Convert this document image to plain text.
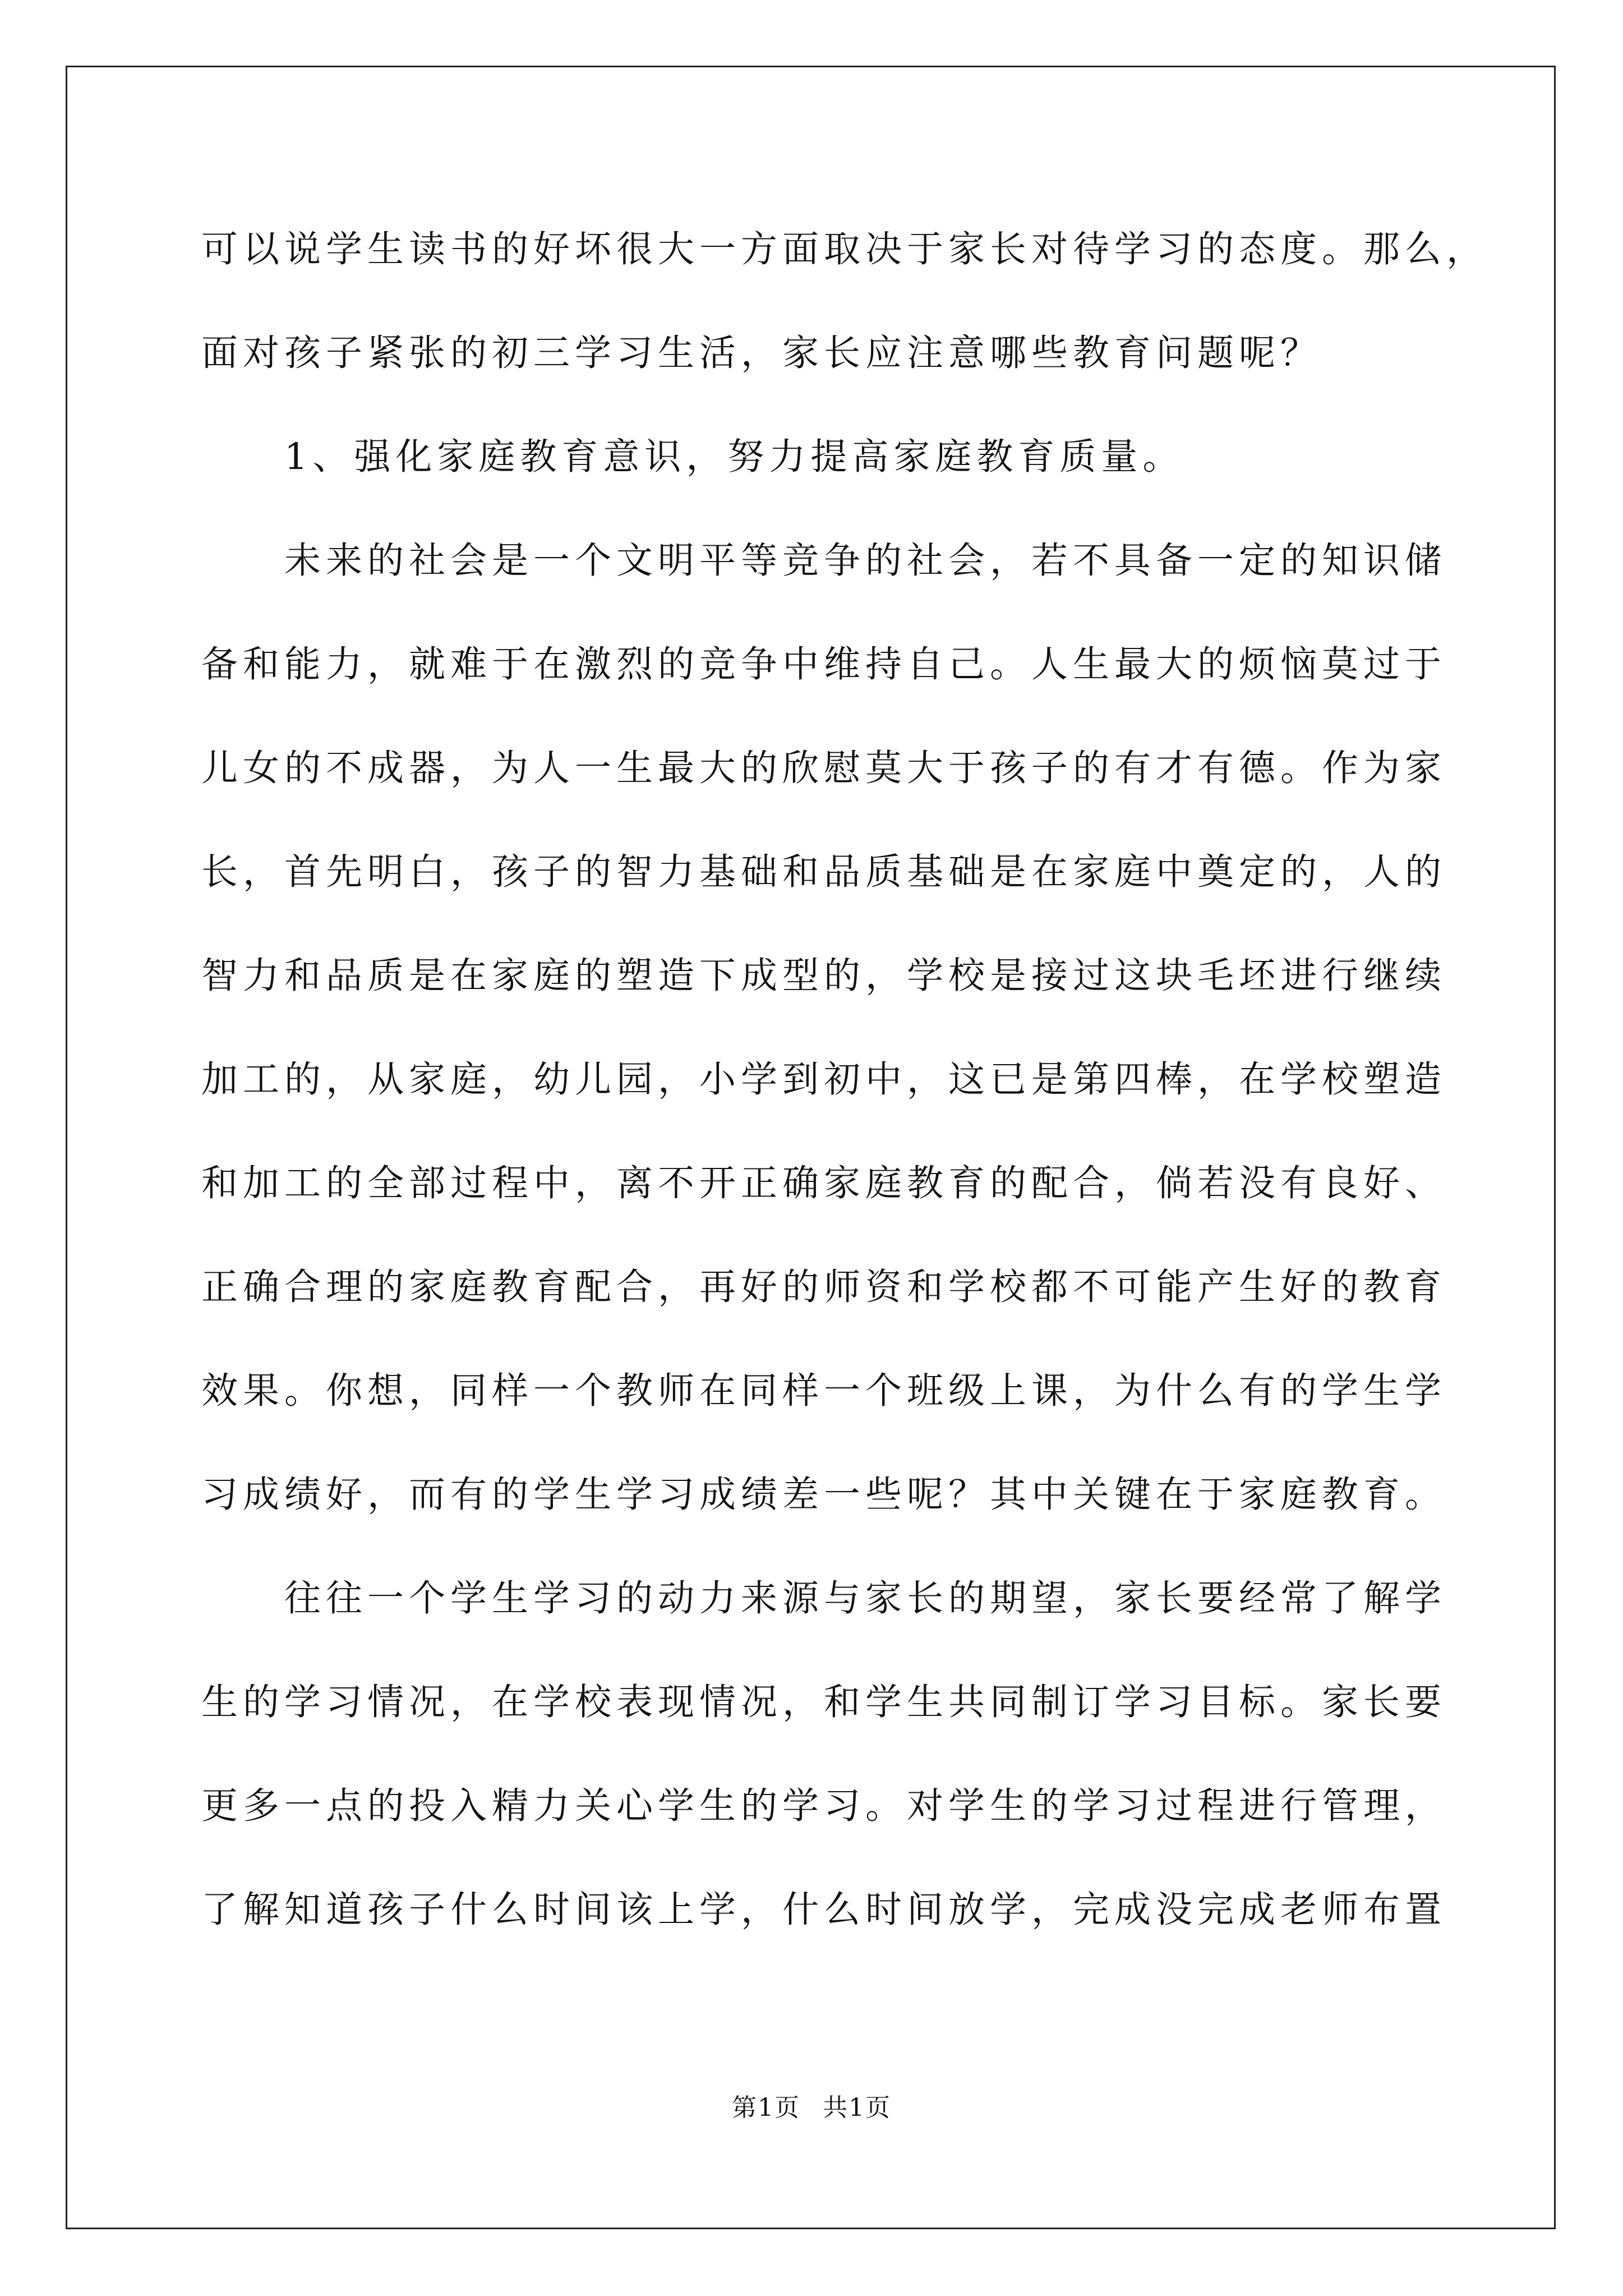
可以说学生读书的好坏很大一方面取决于家长对待学习的态度。那么，
面对孩子紧张的初三学习生活，家长应注意哪些教育问题呢？
1、强化家庭教育意识，努力提高家庭教育质量。
未来的社会是一个文明平等竞争的社会，若不具备一定的知识储
备和能力，就难于在激烈的竞争中维持自己。人生最大的烦恼莫过于
儿女的不成器，为人一生最大的欣慰莫大于孩子的有才有德。作为家
长，首先明白，孩子的智力基础和品质基础是在家庭中奠定的，人的
智力和品质是在家庭的塑造下成型的，学校是接过这块毛坯进行继续
加工的，从家庭，幼儿园，小学到初中，这已是第四棒，在学校塑造
和加工的全部过程中，离不开正确家庭教育的配合，倘若没有良好、
正确合理的家庭教育配合，再好的师资和学校都不可能产生好的教育
效果。你想，同样一个教师在同样一个班级上课，为什么有的学生学
习成绩好，而有的学生学习成绩差一些呢？其中关键在于家庭教育。
往往一个学生学习的动力来源与家长的期望，家长要经常了解学
生的学习情况，在学校表现情况，和学生共同制订学习目标。家长要
更多一点的投入精力关心学生的学习。对学生的学习过程进行管理，
了解知道孩子什么时间该上学，什么时间放学，完成没完成老师布置
第1页 共1页
